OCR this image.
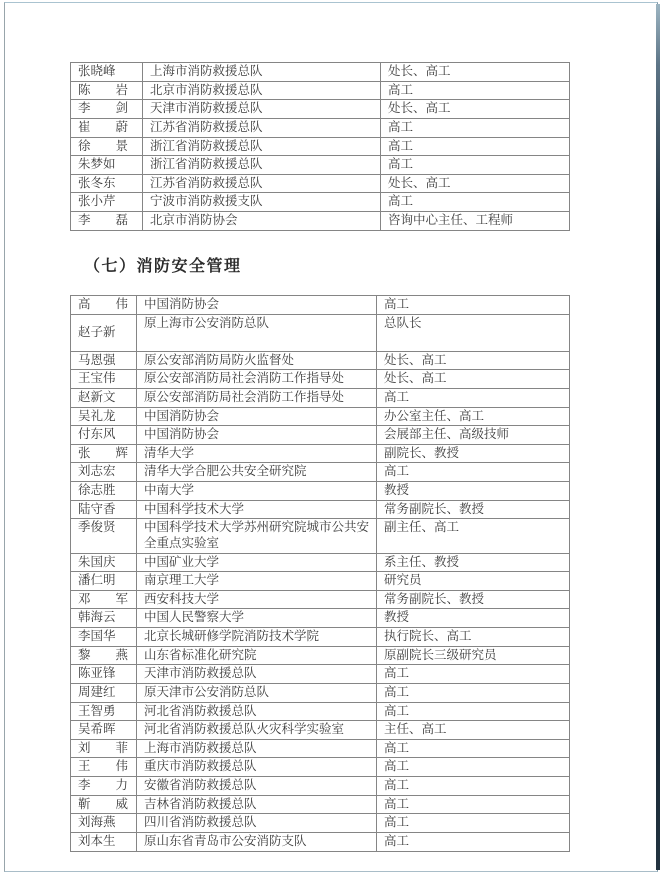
张晓峰	上海市消防救援总队	处长、高工
陈　　岩	北京市消防救援总队	高工
李　　剑	天津市消防救援总队	处长、高工
崔　　蔚	江苏省消防救援总队	高工
徐　　景	浙江省消防救援总队	高工
朱梦如	浙江省消防救援总队	高工
张冬东	江苏省消防救援总队	处长、高工
张小芹	宁波市消防救援支队	高工
李　　磊	北京市消防协会	咨询中心主任、工程师
（七）消防安全管理
高　　伟	中国消防协会	高工
赵子新	原上海市公安消防总队	总队长
马恩强	原公安部消防局防火监督处	处长、高工
王宝伟	原公安部消防局社会消防工作指导处	处长、高工
赵新文	原公安部消防局社会消防工作指导处	高工
吴礼龙	中国消防协会	办公室主任、高工
付东风	中国消防协会	会展部主任、高级技师
张　　辉	清华大学	副院长、教授
刘志宏	清华大学合肥公共安全研究院	高工
徐志胜	中南大学	教授
陆守香	中国科学技术大学	常务副院长、教授
季俊贤	中国科学技术大学苏州研究院城市公共安全重点实验室	副主任、高工
朱国庆	中国矿业大学	系主任、教授
潘仁明	南京理工大学	研究员
邓　　军	西安科技大学	常务副院长、教授
韩海云	中国人民警察大学	教授
李国华	北京长城研修学院消防技术学院	执行院长、高工
黎　　燕	山东省标准化研究院	原副院长三级研究员
陈亚锋	天津市消防救援总队	高工
周建红	原天津市公安消防总队	高工
王智勇	河北省消防救援总队	高工
吴希晖	河北省消防救援总队火灾科学实验室	主任、高工
刘　　菲	上海市消防救援总队	高工
王　　伟	重庆市消防救援总队	高工
李　　力	安徽省消防救援总队	高工
靳　　威	吉林省消防救援总队	高工
刘海燕	四川省消防救援总队	高工
刘本生	原山东省青岛市公安消防支队	高工
